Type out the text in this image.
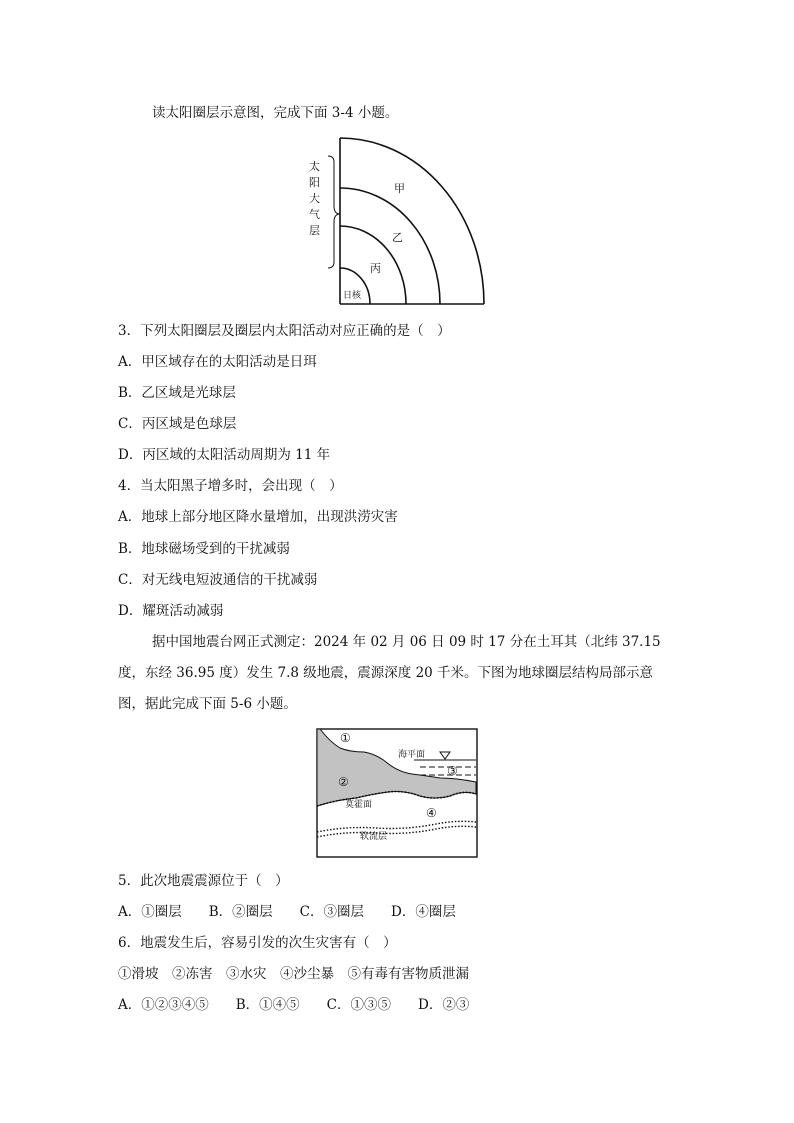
读太阳圈层示意图，完成下面 3-4 小题。
太
阳
大
气
层
甲
乙
丙
日核
3．下列太阳圈层及圈层内太阳活动对应正确的是（　）
A．甲区域存在的太阳活动是日珥
B．乙区域是光球层
C．丙区域是色球层
D．丙区域的太阳活动周期为 11 年
4．当太阳黑子增多时，会出现（　）
A．地球上部分地区降水量增加，出现洪涝灾害
B．地球磁场受到的干扰减弱
C．对无线电短波通信的干扰减弱
D．耀斑活动减弱
据中国地震台网正式测定：2024 年 02 月 06 日 09 时 17 分在土耳其（北纬 37.15
度，东经 36.95 度）发生 7.8 级地震，震源深度 20 千米。下图为地球圈层结构局部示意
图，据此完成下面 5-6 小题。
①
②
③
④
海平面
莫霍面
软流层
5．此次地震震源位于（　）
A．①圈层　　B．②圈层　　C．③圈层　　D．④圈层
6．地震发生后，容易引发的次生灾害有（　）
①滑坡　②冻害　③水灾　④沙尘暴　⑤有毒有害物质泄漏
A．①②③④⑤　　B．①④⑤　　C．①③⑤　　D．②③
